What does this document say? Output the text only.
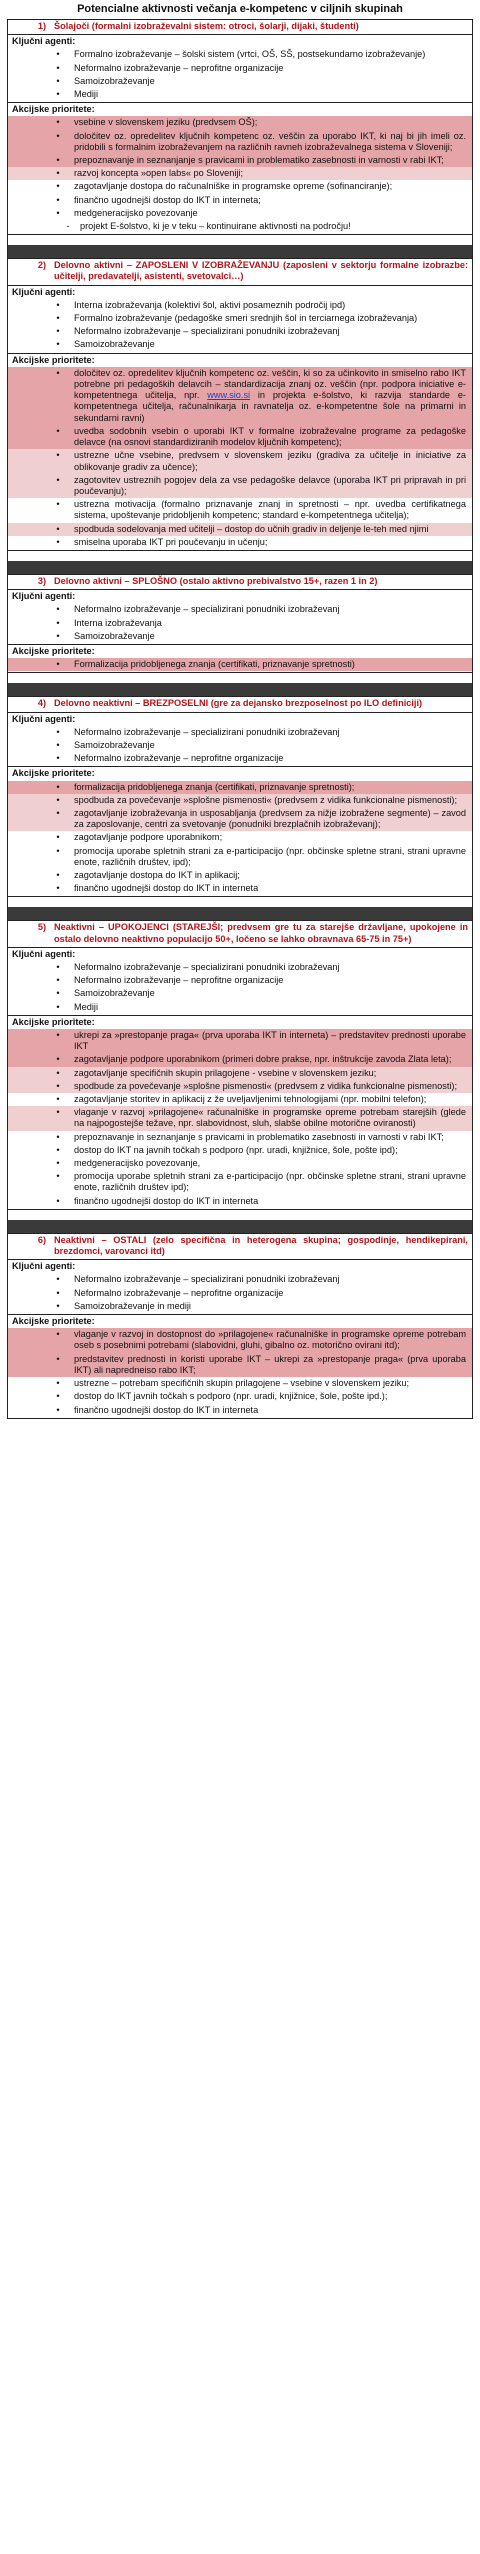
Potencialne aktivnosti večanja e-kompetenc v ciljnih skupinah
1) Šolajoči (formalni izobraževalni sistem: otroci, šolarji, dijaki, študenti)
Ključni agenti:
•	Formalno izobraževanje – šolski sistem (vrtci, OŠ, SŠ, postsekundarno izobraževanje)
•	Neformalno izobraževanje – neprofitne organizacije
•	Samoizobraževanje
•	Mediji
Akcijske prioritete:
•	vsebine v slovenskem jeziku (predvsem OŠ);
•	določitev oz. opredelitev ključnih kompetenc oz. veščin za uporabo IKT, ki naj bi jih imeli oz. pridobili s formalnim izobraževanjem na različnih ravneh izobraževalnega sistema v Sloveniji;
•	prepoznavanje in seznanjanje s pravicami in problematiko zasebnosti in varnosti v rabi IKT;
•	razvoj koncepta »open labs« po Sloveniji;
•	zagotavljanje dostopa do računalniške in programske opreme (sofinanciranje);
•	finančno ugodnejši dostop do IKT in interneta;
•	medgeneracijsko povezovanje
-	projekt E-šolstvo, ki je v teku – kontinuirane aktivnosti na področju!
2) Delovno aktivni – ZAPOSLENI V IZOBRAŽEVANJU (zaposleni v sektorju formalne izobrazbe: učitelji, predavatelji, asistenti, svetovalci…)
Ključni agenti:
•	Interna izobraževanja (kolektivi šol, aktivi posameznih področij ipd)
•	Formalno izobraževanje (pedagoške smeri srednjih šol in terciarnega izobraževanja)
•	Neformalno izobraževanje – specializirani ponudniki izobraževanj
•	Samoizobraževanje
Akcijske prioritete:
•	določitev oz. opredelitev ključnih kompetenc oz. veščin, ki so za učinkovito in smiselno rabo IKT potrebne pri pedagoških delavcih – standardizacija znanj oz. veščin (npr. podpora iniciative e-kompetentnega učitelja, npr. www.sio.si in projekta e-šolstvo, ki razvija standarde e-kompetentnega učitelja, računalnikarja in ravnatelja oz. e-kompetentne šole na primarni in sekundarni ravni)
•	uvedba sodobnih vsebin o uporabi IKT v formalne izobraževalne programe za pedagoške delavce (na osnovi standardiziranih modelov ključnih kompetenc);
•	ustrezne učne vsebine, predvsem v slovenskem jeziku (gradiva za učitelje in iniciative za oblikovanje gradiv za učence);
•	zagotovitev ustreznih pogojev dela za vse pedagoške delavce (uporaba IKT pri pripravah in pri poučevanju);
•	ustrezna motivacija (formalno priznavanje znanj in spretnosti – npr. uvedba certifikatnega sistema, upoštevanje pridobljenih kompetenc; standard e-kompetentnega učitelja);
•	spodbuda sodelovanja med učitelji – dostop do učnih gradiv in deljenje le-teh med njimi
•	smiselna uporaba IKT pri poučevanju in učenju;
3) Delovno aktivni – SPLOŠNO (ostalo aktivno prebivalstvo 15+, razen 1 in 2)
Ključni agenti:
•	Neformalno izobraževanje – specializirani ponudniki izobraževanj
•	Interna izobraževanja
•	Samoizobraževanje
Akcijske prioritete:
•	Formalizacija pridobljenega znanja (certifikati, priznavanje spretnosti)
4) Delovno neaktivni – BREZPOSELNI (gre za dejansko brezposelnost po ILO definiciji)
Ključni agenti:
•	Neformalno izobraževanje – specializirani ponudniki izobraževanj
•	Samoizobraževanje
•	Neformalno izobraževanje – neprofitne organizacije
Akcijske prioritete:
•	formalizacija pridobljenega znanja (certifikati, priznavanje spretnosti);
•	spodbuda za povečevanje »splošne pismenosti« (predvsem z vidika funkcionalne pismenosti);
•	zagotavljanje izobraževanja in usposabljanja (predvsem za nižje izobražene segmente) – zavod za zaposlovanje, centri za svetovanje (ponudniki brezplačnih izobraževanj);
•	zagotavljanje podpore uporabnikom;
•	promocija uporabe spletnih strani za e-participacijo (npr. občinske spletne strani, strani upravne enote, različnih društev, ipd);
•	zagotavljanje dostopa do IKT in aplikacij;
•	finančno ugodnejši dostop do IKT in interneta
5) Neaktivni – UPOKOJENCI (STAREJŠI; predvsem gre tu za starejše državljane, upokojene in ostalo delovno neaktivno populacijo 50+, ločeno se lahko obravnava 65-75 in 75+)
Ključni agenti:
•	Neformalno izobraževanje – specializirani ponudniki izobraževanj
•	Neformalno izobraževanje – neprofitne organizacije
•	Samoizobraževanje
•	Mediji
Akcijske prioritete:
•	ukrepi za »prestopanje praga« (prva uporaba IKT in interneta) – predstavitev prednosti uporabe IKT
•	zagotavljanje podpore uporabnikom (primeri dobre prakse, npr. inštrukcije zavoda Zlata leta);
•	zagotavljanje specifičnih skupin prilagojene - vsebine v slovenskem jeziku;
•	spodbude za povečevanje »splošne pismenosti« (predvsem z vidika funkcionalne pismenosti);
•	zagotavljanje storitev in aplikacij z že uveljavljenimi tehnologijami (npr. mobilni telefon);
•	vlaganje v razvoj »prilagojene« računalniške in programske opreme potrebam starejših (glede na najpogostejše težave, npr. slabovidnost, sluh, slabše obilne motorične oviranosti)
•	prepoznavanje in seznanjanje s pravicami in problematiko zasebnosti in varnosti v rabi IKT;
•	dostop do IKT na javnih točkah s podporo (npr. uradi, knjižnice, šole, pošte ipd);
•	medgeneracijsko povezovanje,
•	promocija uporabe spletnih strani za e-participacijo (npr. občinske spletne strani, strani upravne enote, različnih društev ipd);
•	finančno ugodnejši dostop do IKT in interneta
6) Neaktivni – OSTALI (zelo specifična in heterogena skupina; gospodinje, hendikepirani, brezdomci, varovanci itd)
Ključni agenti:
•	Neformalno izobraževanje – specializirani ponudniki izobraževanj
•	Neformalno izobraževanje – neprofitne organizacije
•	Samoizobraževanje in mediji
Akcijske prioritete:
•	vlaganje v razvoj in dostopnost do »prilagojene« računalniške in programske opreme potrebam oseb s posebnimi potrebami (slabovidni, gluhi, gibalno oz. motorično ovirani itd);
•	predstavitev prednosti in koristi uporabe IKT – ukrepi za »prestopanje praga« (prva uporaba IKT) ali napredneiso rabo IKT;
•	ustrezne – potrebam specifičnih skupin prilagojene – vsebine v slovenskem jeziku;
•	dostop do IKT javnih točkah s podporo (npr. uradi, knjižnice, šole, pošte ipd.);
•	finančno ugodnejši dostop do IKT in interneta
